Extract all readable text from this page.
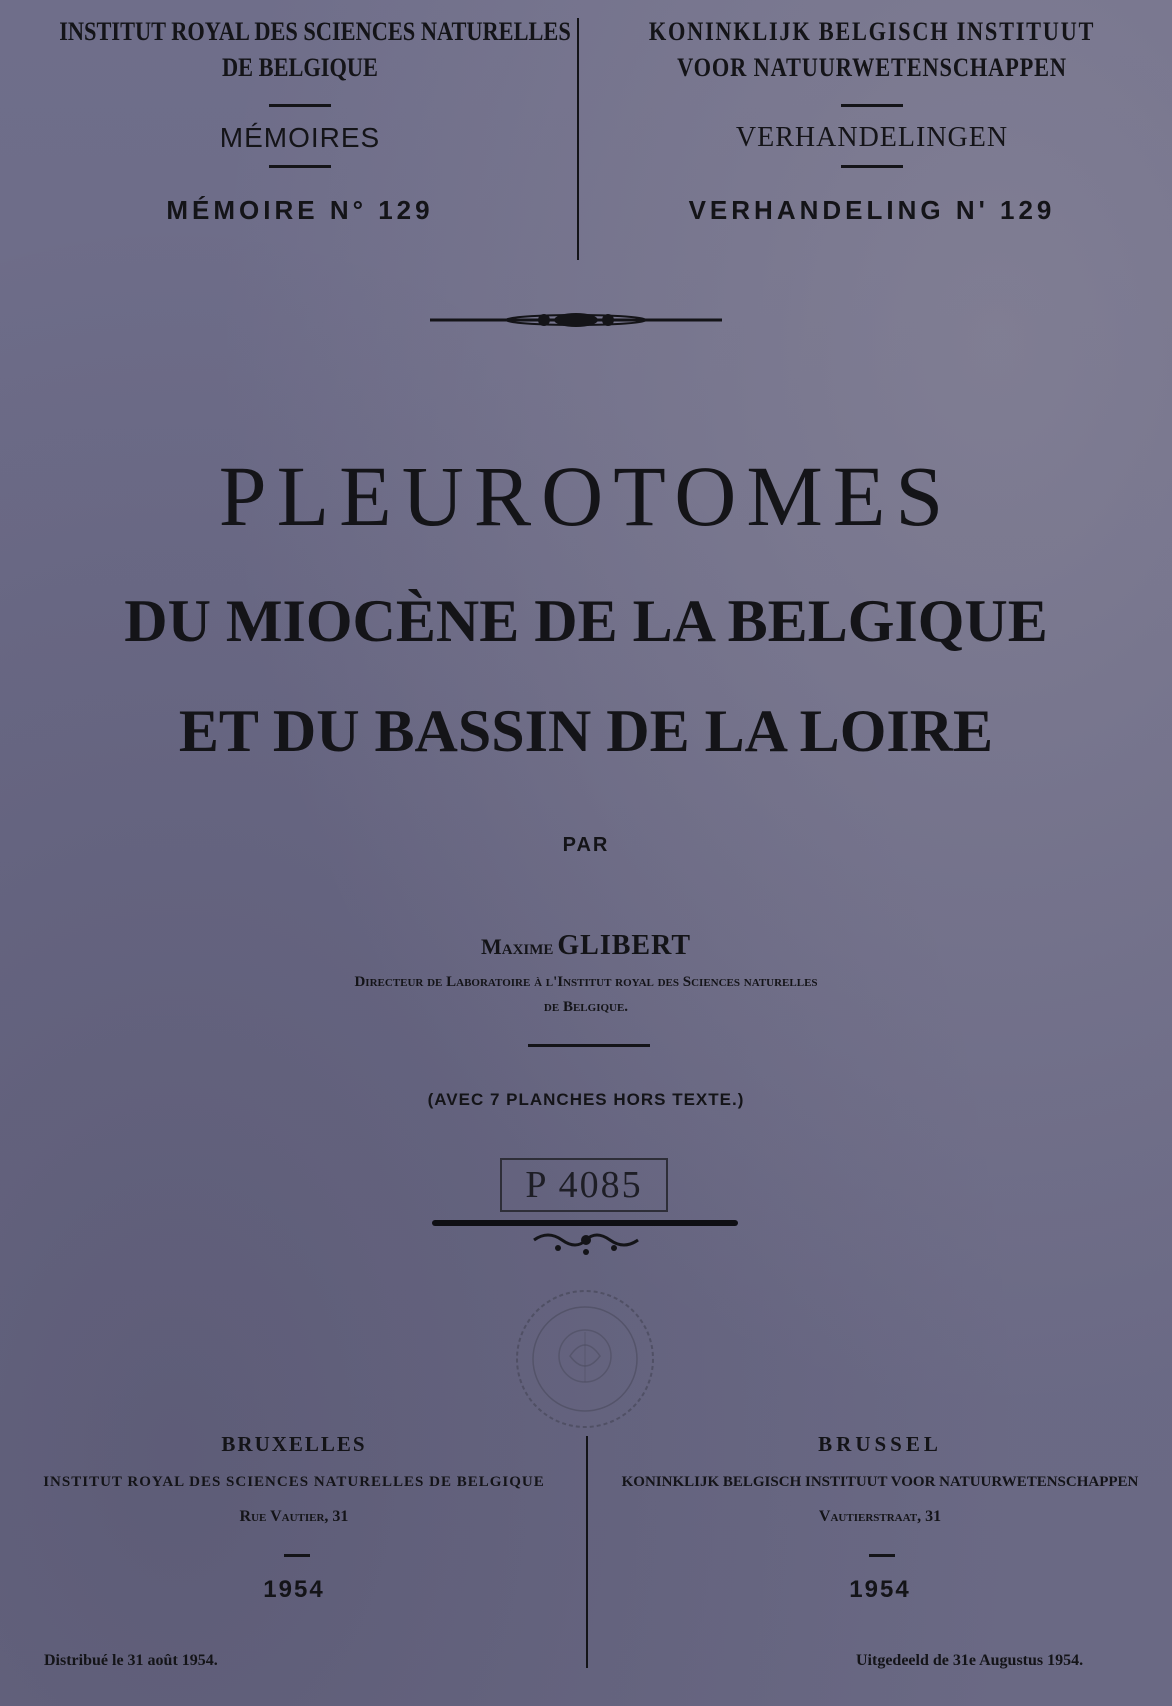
INSTITUT ROYAL DES SCIENCES NATURELLES
DE BELGIQUE
MÉMOIRES
MÉMOIRE N° 129
KONINKLIJK BELGISCH INSTITUUT
VOOR NATUURWETENSCHAPPEN
VERHANDELINGEN
VERHANDELING N' 129
PLEUROTOMES
DU MIOCÈNE DE LA BELGIQUE
ET DU BASSIN DE LA LOIRE
PAR
Maxime GLIBERT
Directeur de Laboratoire à l'Institut royal des Sciences naturelles
de Belgique.
(AVEC 7 PLANCHES HORS TEXTE.)
P 4085
BRUXELLES
INSTITUT ROYAL DES SCIENCES NATURELLES DE BELGIQUE
Rue Vautier, 31
1954
Distribué le 31 août 1954.
BRUSSEL
KONINKLIJK BELGISCH INSTITUUT VOOR NATUURWETENSCHAPPEN
Vautierstraat, 31
1954
Uitgedeeld de 31e Augustus 1954.
